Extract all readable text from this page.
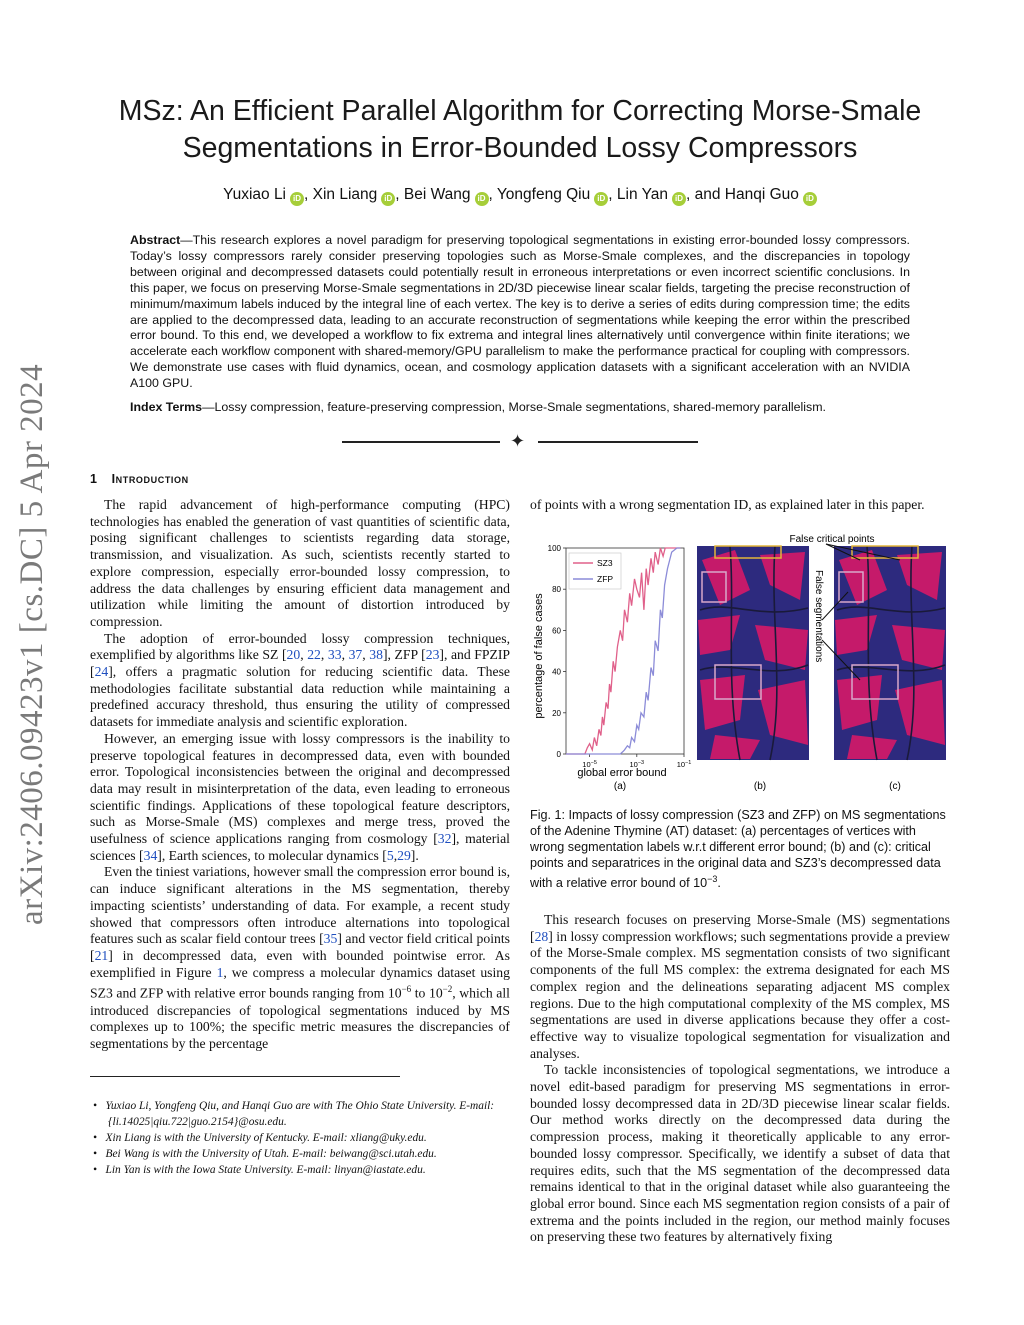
arXiv:2406.09423v1 [cs.DC] 5 Apr 2024
MSz: An Efficient Parallel Algorithm for Correcting Morse-Smale
Segmentations in Error-Bounded Lossy Compressors
Yuxiao Li iD , Xin Liang iD , Bei Wang iD , Yongfeng Qiu iD , Lin Yan iD , and Hanqi Guo iD
Abstract—This research explores a novel paradigm for preserving topological segmentations in existing error-bounded lossy compressors. Today’s lossy compressors rarely consider preserving topologies such as Morse-Smale complexes, and the discrepancies in topology between original and decompressed datasets could potentially result in erroneous interpretations or even incorrect scientific conclusions. In this paper, we focus on preserving Morse-Smale segmentations in 2D/3D piecewise linear scalar fields, targeting the precise reconstruction of minimum/maximum labels induced by the integral line of each vertex. The key is to derive a series of edits during compression time; the edits are applied to the decompressed data, leading to an accurate reconstruction of segmentations while keeping the error within the prescribed error bound. To this end, we developed a workflow to fix extrema and integral lines alternatively until convergence within finite iterations; we accelerate each workflow component with shared-memory/GPU parallelism to make the performance practical for coupling with compressors. We demonstrate use cases with fluid dynamics, ocean, and cosmology application datasets with a significant acceleration with an NVIDIA A100 GPU.
Index Terms—Lossy compression, feature-preserving compression, Morse-Smale segmentations, shared-memory parallelism.
✦
1 Introduction

The rapid advancement of high-performance computing (HPC) technologies has enabled the generation of vast quantities of scientific data, posing significant challenges to scientists regarding data storage, transmission, and visualization. As such, scientists recently started to explore compression, especially error-bounded lossy compression, to address the data challenges by ensuring efficient data management and utilization while limiting the amount of distortion introduced by compression.

The adoption of error-bounded lossy compression techniques, exemplified by algorithms like SZ [20, 22, 33, 37, 38], ZFP [23], and FPZIP [24], offers a pragmatic solution for reducing scientific data. These methodologies facilitate substantial data reduction while maintaining a predefined accuracy threshold, thus ensuring the utility of compressed datasets for immediate analysis and scientific exploration.

However, an emerging issue with lossy compressors is the inability to preserve topological features in decompressed data, even with bounded error. Topological inconsistencies between the original and decompressed data may result in misinterpretation of the data, even leading to erroneous scientific findings. Applications of these topological feature descriptors, such as Morse-Smale (MS) complexes and merge tress, proved the usefulness of science applications ranging from cosmology [32], material sciences [34], Earth sciences, to molecular dynamics [5,29].

Even the tiniest variations, however small the compression error bound is, can induce significant alterations in the MS segmentation, thereby impacting scientists’ understanding of data. For example, a recent study showed that compressors often introduce alternations into topological features such as scalar field contour trees [35] and vector field critical points [21] in decompressed data, even with bounded pointwise error. As exemplified in Figure 1, we compress a molecular dynamics dataset using SZ3 and ZFP with relative error bounds ranging from $10^{-6}$ to $10^{-2}$, which all introduced discrepancies of topological segmentations induced by MS complexes up to 100%; the specific metric measures the discrepancies of segmentations by the percentage

• Yuxiao Li, Yongfeng Qiu, and Hanqi Guo are with The Ohio State University. E-mail: {li.14025|qiu.722|guo.2154}@osu.edu.
• Xin Liang is with the University of Kentucky. E-mail: xliang@uky.edu.
• Bei Wang is with the University of Utah. E-mail: beiwang@sci.utah.edu.
• Lin Yan is with the Iowa State University. E-mail: linyan@iastate.edu.

of points with a wrong segmentation ID, as explained later in this paper.

percentage of false cases
0
20
40
60
80
100
$10^{-5}$	$10^{-3}$	$10^{-1}$
SZ3
ZFP
global error bound
(a)	(b)
False segmentations
False critical points
(c)
Fig. 1: Impacts of lossy compression (SZ3 and ZFP) on MS segmentations of the Adenine Thymine (AT) dataset: (a) percentages of vertices with wrong segmentation labels w.r.t different error bound; (b) and (c): critical points and separatrices in the original data and SZ3’s decompressed data with a relative error bound of $10^{-3}$.

This research focuses on preserving Morse-Smale (MS) segmentations [28] in lossy compression workflows; such segmentations provide a preview of the Morse-Smale complex. MS segmentation consists of two significant components of the full MS complex: the extrema designated for each MS complex region and the delineations separating adjacent MS complex regions. Due to the high computational complexity of the MS complex, MS segmentations are used in diverse applications because they offer a cost-effective way to visualize topological segmentation for visualization and analyses.

To tackle inconsistencies of topological segmentations, we introduce a novel edit-based paradigm for preserving MS segmentations in error-bounded lossy decompressed data in 2D/3D piecewise linear scalar fields. Our method works directly on the decompressed data during the compression process, making it theoretically applicable to any error-bounded lossy compressor. Specifically, we identify a subset of data that requires edits, such that the MS segmentation of the decompressed data remains identical to that in the original dataset while also guaranteeing the global error bound. Since each MS segmentation region consists of a pair of extrema and the points included in the region, our method mainly focuses on preserving these two features by alternatively fixing
